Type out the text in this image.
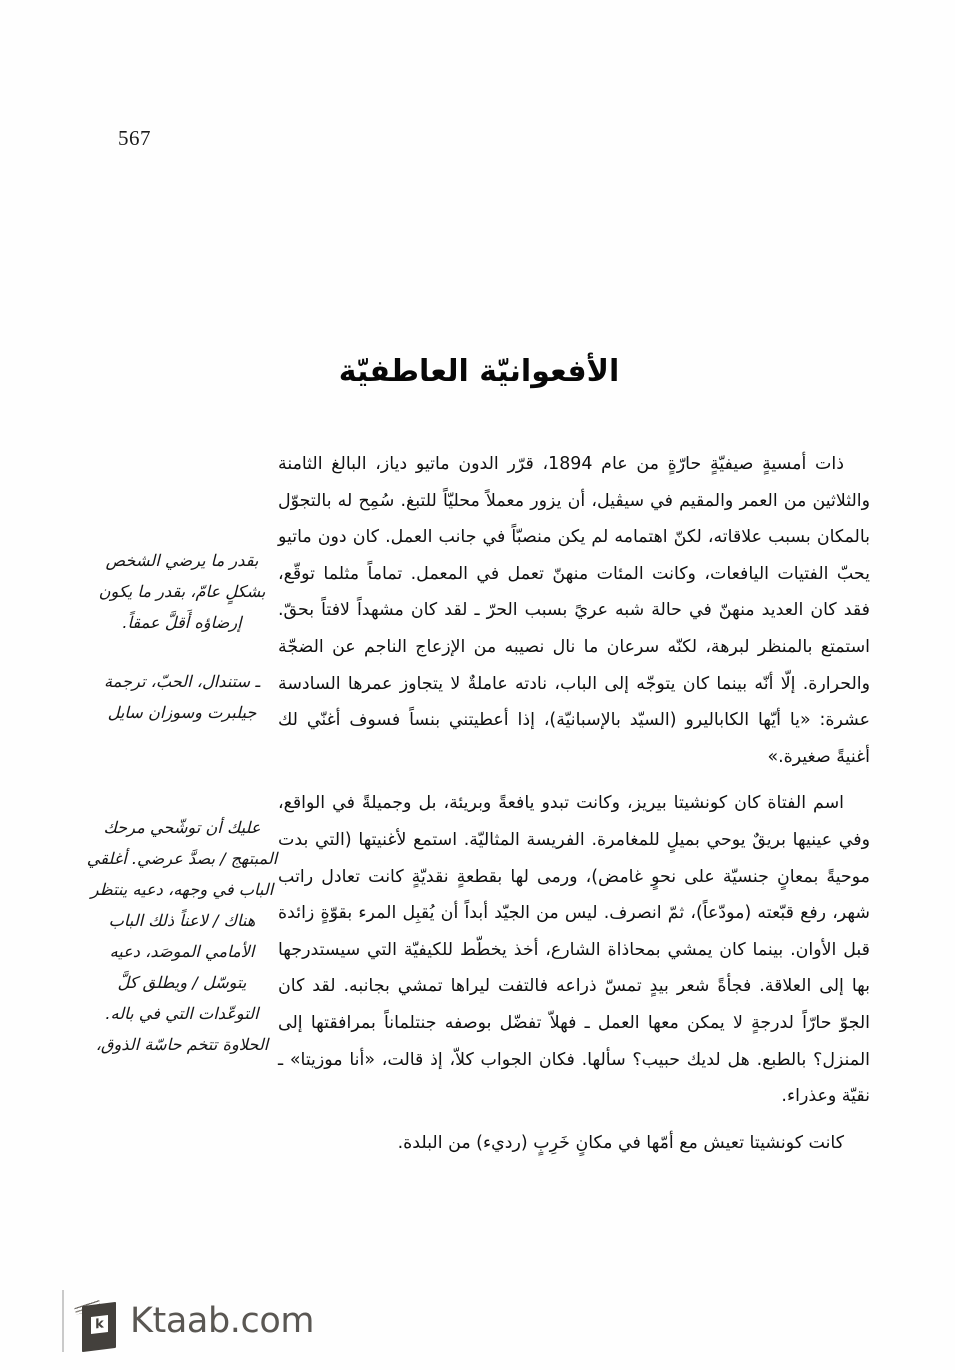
567
الأفعوانيّة العاطفيّة

ذات أمسيةٍ صيفيّةٍ حارّةٍ من عام 1894، قرّر الدون ماتيو دياز، البالغ الثامنة والثلاثين من العمر والمقيم في سيڤيل، أن يزور معملاً محليّاً للتبغ. سُمِح له بالتجوّل بالمكان بسبب علاقاته، لكنّ اهتمامه لم يكن منصبّاً في جانب العمل. كان دون ماتيو يحبّ الفتيات اليافعات، وكانت المئات منهنّ تعمل في المعمل. تماماً مثلما توقّع، فقد كان العديد منهنّ في حالة شبه عريً بسبب الحرّ ـ لقد كان مشهداً لافتاً بحقّ. استمتع بالمنظر لبرهة، لكنّه سرعان ما نال نصيبه من الإزعاج الناجم عن الضجّة والحرارة. إلّا أنّه بينما كان يتوجّه إلى الباب، نادته عاملةٌ لا يتجاوز عمرها السادسة عشرة: «يا أيّها الكاباليرو (السيّد بالإسبانيّة)، إذا أعطيتني بنساً فسوف أغنّي لك أغنيةً صغيرة.»

اسم الفتاة كان كونشيتا بيريز، وكانت تبدو يافعةً وبريئة، بل وجميلةً في الواقع، وفي عينيها بريقٌ يوحي بميلٍ للمغامرة. الفريسة المثاليّة. استمع لأغنيتها (التي بدت موحيةً بمعانٍ جنسيّة على نحوٍ غامض)، ورمى لها بقطعةٍ نقديّةٍ كانت تعادل راتب شهر، رفع قبّعته (مودّعاً)، ثمّ انصرف. ليس من الجيّد أبداً أن يُقبِل المرء بقوّةٍ زائدة قبل الأوان. بينما كان يمشي بمحاذاة الشارع، أخذ يخطّط للكيفيّة التي سيستدرجها بها إلى العلاقة. فجأةً شعر بيدٍ تمسّ ذراعه فالتفت ليراها تمشي بجانبه. لقد كان الجوّ حارّاً لدرجةٍ لا يمكن معها العمل ـ فهلاّ تفضّل بوصفه جنتلماناً بمرافقتها إلى المنزل؟ بالطبع. هل لديك حبيب؟ سألها. فكان الجواب كلاّ، إذ قالت، «أنا موزيتا» ـ نقيّة وعذراء.

كانت كونشيتا تعيش مع أمّها في مكانٍ خَرِبٍ (رديء) من البلدة.

بقدر ما يرضي الشخص بشكلٍ عامّ، بقدر ما يكون إرضاؤه أَقلَّ عمقاً.

ـ ستندال، الحبّ، ترجمة جيلبرت وسوزان سايل

عليك أن توشّحي مرحك المبتهج / بصدَّ عرضي. أغلقي الباب في وجهه، دعيه ينتظر هناك / لاعناً ذلك الباب الأمامي الموصَد، دعيه يتوسّل / ويطلق كلَّ التوعّدات التي في باله. الحلاوة تتخم حاسّة الذوق،

k Ktaab.com
